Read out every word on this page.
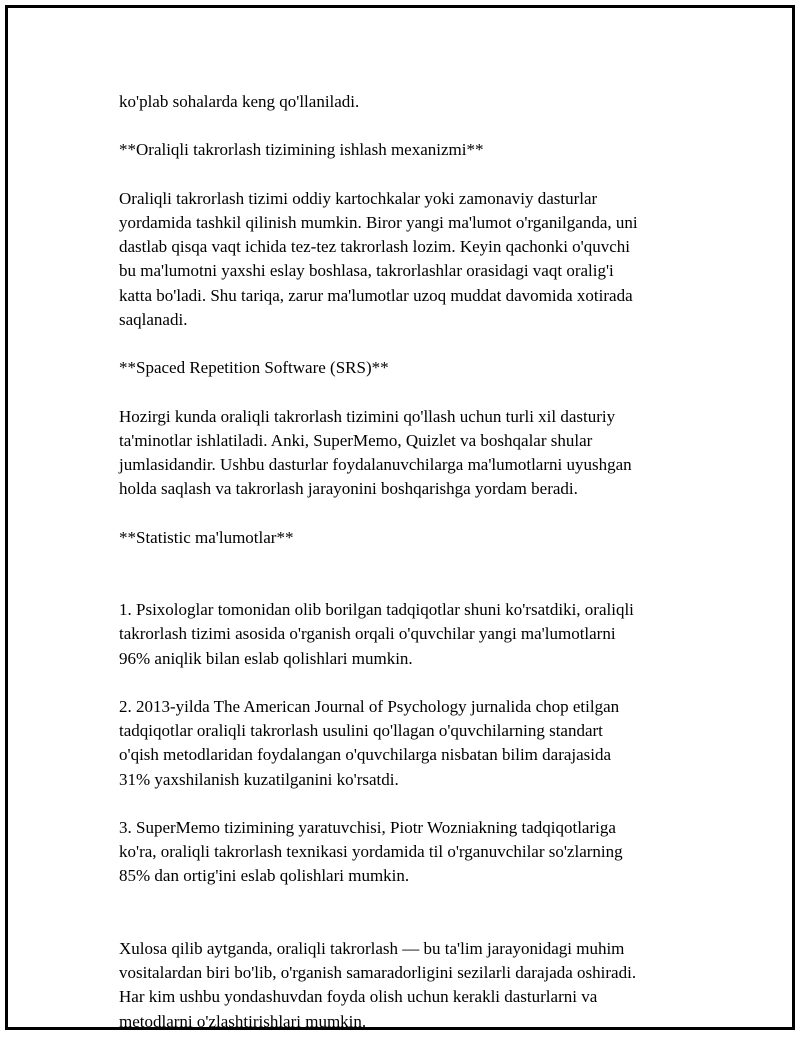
ko'plab sohalarda keng qo'llaniladi.

**Oraliqli takrorlash tizimining ishlash mexanizmi**

Oraliqli takrorlash tizimi oddiy kartochkalar yoki zamonaviy dasturlar
yordamida tashkil qilinish mumkin. Biror yangi ma'lumot o'rganilganda, uni
dastlab qisqa vaqt ichida tez-tez takrorlash lozim. Keyin qachonki o'quvchi
bu ma'lumotni yaxshi eslay boshlasa, takrorlashlar orasidagi vaqt oralig'i
katta bo'ladi. Shu tariqa, zarur ma'lumotlar uzoq muddat davomida xotirada
saqlanadi.

**Spaced Repetition Software (SRS)**

Hozirgi kunda oraliqli takrorlash tizimini qo'llash uchun turli xil dasturiy
ta'minotlar ishlatiladi. Anki, SuperMemo, Quizlet va boshqalar shular
jumlasidandir. Ushbu dasturlar foydalanuvchilarga ma'lumotlarni uyushgan
holda saqlash va takrorlash jarayonini boshqarishga yordam beradi.

**Statistic ma'lumotlar**

1. Psixologlar tomonidan olib borilgan tadqiqotlar shuni ko'rsatdiki, oraliqli
takrorlash tizimi asosida o'rganish orqali o'quvchilar yangi ma'lumotlarni
96% aniqlik bilan eslab qolishlari mumkin.

2. 2013-yilda The American Journal of Psychology jurnalida chop etilgan
tadqiqotlar oraliqli takrorlash usulini qo'llagan o'quvchilarning standart
o'qish metodlaridan foydalangan o'quvchilarga nisbatan bilim darajasida
31% yaxshilanish kuzatilganini ko'rsatdi.

3. SuperMemo tizimining yaratuvchisi, Piotr Wozniakning tadqiqotlariga
ko'ra, oraliqli takrorlash texnikasi yordamida til o'rganuvchilar so'zlarning
85% dan ortig'ini eslab qolishlari mumkin.

Xulosa qilib aytganda, oraliqli takrorlash — bu ta'lim jarayonidagi muhim
vositalardan biri bo'lib, o'rganish samaradorligini sezilarli darajada oshiradi.
Har kim ushbu yondashuvdan foyda olish uchun kerakli dasturlarni va
metodlarni o'zlashtirishlari mumkin.
